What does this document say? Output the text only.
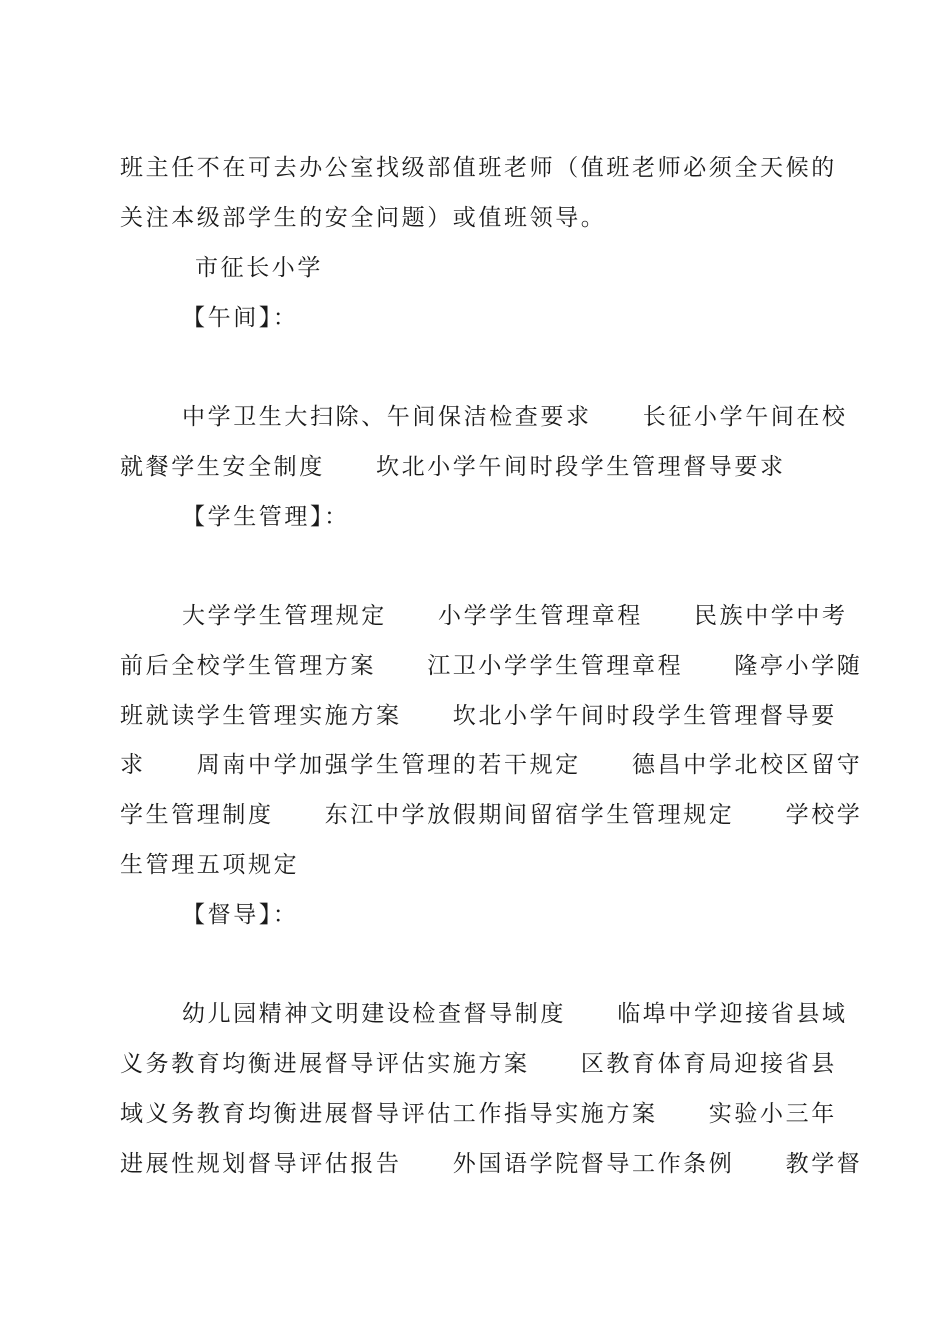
班主任不在可去办公室找级部值班老师（值班老师必须全天候的
关注本级部学生的安全问题）或值班领导。
市征长小学
【午间】：
中学卫生大扫除、午间保洁检查要求　　长征小学午间在校
就餐学生安全制度　　坎北小学午间时段学生管理督导要求
【学生管理】：
大学学生管理规定　　小学学生管理章程　　民族中学中考
前后全校学生管理方案　　江卫小学学生管理章程　　隆亭小学随
班就读学生管理实施方案　　坎北小学午间时段学生管理督导要
求　　周南中学加强学生管理的若干规定　　德昌中学北校区留守
学生管理制度　　东江中学放假期间留宿学生管理规定　　学校学
生管理五项规定
【督导】：
幼儿园精神文明建设检查督导制度　　临埠中学迎接省县域
义务教育均衡进展督导评估实施方案　　区教育体育局迎接省县
域义务教育均衡进展督导评估工作指导实施方案　　实验小三年
进展性规划督导评估报告　　外国语学院督导工作条例　　教学督
